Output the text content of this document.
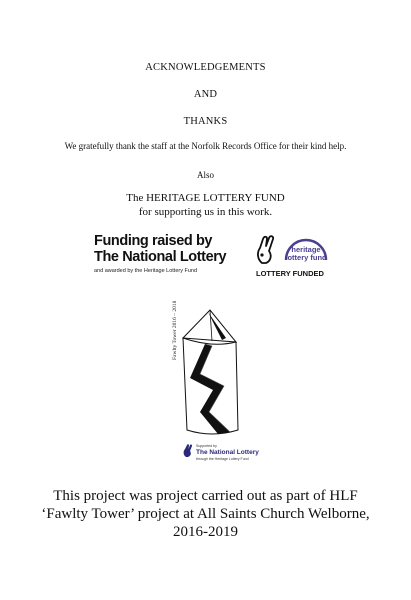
ACKNOWLEDGEMENTS
AND
THANKS
We gratefully thank the staff at the Norfolk Records Office for their kind help.
Also
The HERITAGE LOTTERY FUND
for supporting us in this work.
Funding raised by
The National Lottery
and awarded by the Heritage Lottery Fund
heritage
lottery fund
LOTTERY FUNDED
Fawlty Tower 2016 – 2018
Supported by
The National Lottery
through the Heritage Lottery Fund
This project was project carried out as part of HLF
‘Fawlty Tower’ project at All Saints Church Welborne,
2016-2019
